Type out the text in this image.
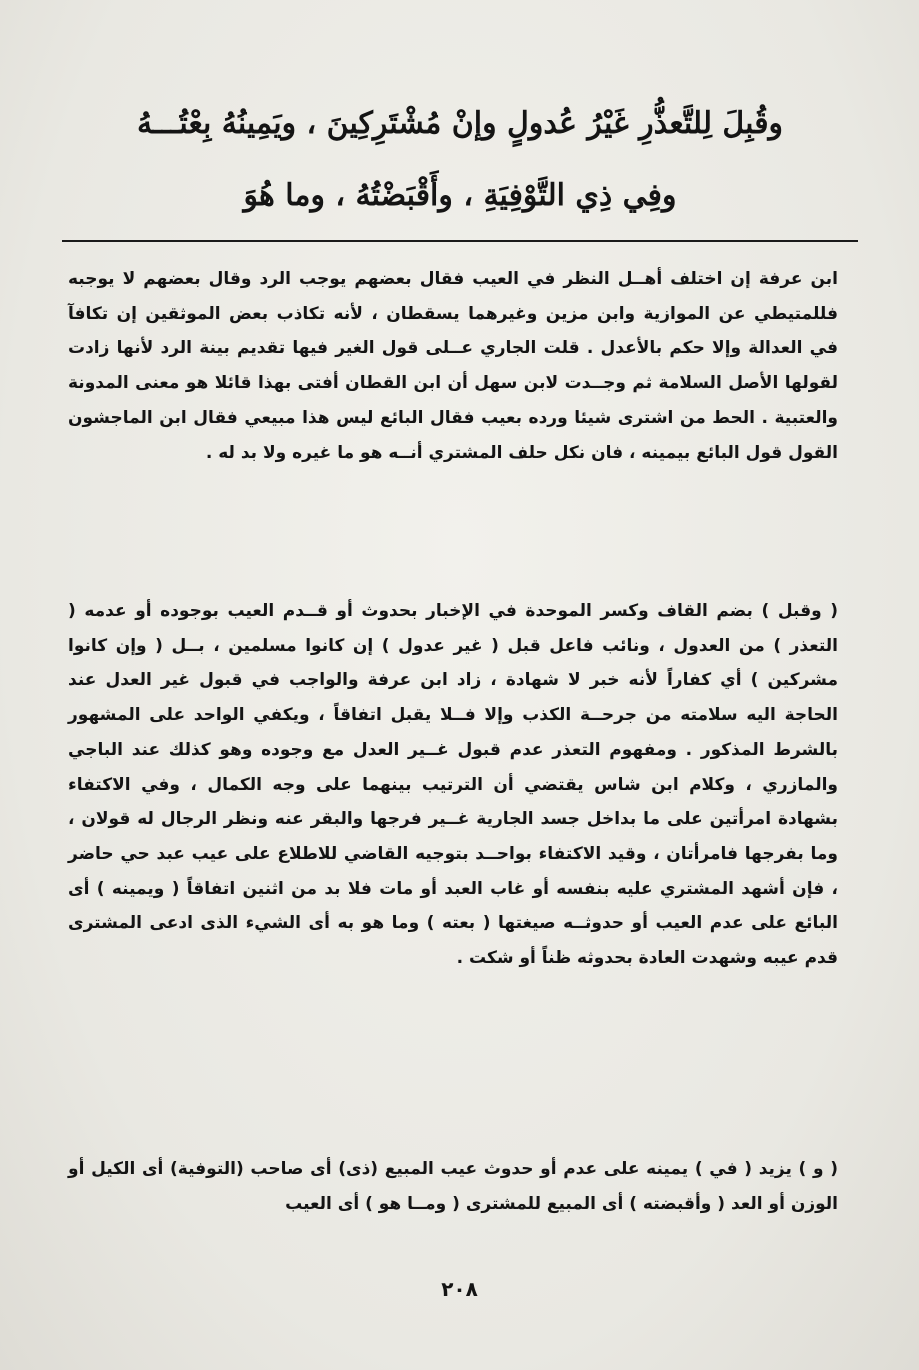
وقُبِلَ لِلتَّعذُّرِ غَيْرُ عُدولٍ وإنْ مُشْتَرِكِينَ ، ويَمِينُهُ بِعْتُـــهُ
وفِي ذِي التَّوْفِيَةِ ، وأَقْبَضْتُهُ ، وما هُوَ
ابن عرفة إن اختلف أهــل النظر في العيب فقال بعضهم يوجب الرد وقال بعضهم لا يوجبه فللمتيطي عن الموازية وابن مزين وغيرهما يسقطان ، لأنه تكاذب بعض الموثقين إن تكافآ في العدالة وإلا حكم بالأعدل . قلت الجاري عــلى قول الغير فيها تقديم بينة الرد لأنها زادت لقولها الأصل السلامة ثم وجــدت لابن سهل أن ابن القطان أفتى بهذا قائلا هو معنى المدونة والعتبية . الحط من اشترى شيئا ورده بعيب فقال البائع ليس هذا مبيعي فقال ابن الماجشون القول قول البائع بيمينه ، فان نكل حلف المشتري أنــه هو ما غيره ولا بد له .
( وقبل ) بضم القاف وكسر الموحدة في الإخبار بحدوث أو قــدم العيب بوجوده أو عدمه ( التعذر ) من العدول ، ونائب فاعل قبل ( غير عدول ) إن كانوا مسلمين ، بــل ( وإن كانوا مشركين ) أي كفاراً لأنه خبر لا شهادة ، زاد ابن عرفة والواجب في قبول غير العدل عند الحاجة اليه سلامته من جرحــة الكذب وإلا فــلا يقبل اتفاقاً ، ويكفي الواحد على المشهور بالشرط المذكور . ومفهوم التعذر عدم قبول غــير العدل مع وجوده وهو كذلك عند الباجي والمازري ، وكلام ابن شاس يقتضي أن الترتيب بينهما على وجه الكمال ، وفي الاكتفاء بشهادة امرأتين على ما بداخل جسد الجارية غــير فرجها والبقر عنه ونظر الرجال له قولان ، وما بفرجها فامرأتان ، وقيد الاكتفاء بواحــد بتوجيه القاضي للاطلاع على عيب عبد حي حاضر ، فإن أشهد المشتري عليه بنفسه أو غاب العبد أو مات فلا بد من اثنين اتفاقاً ( ويمينه ) أى البائع على عدم العيب أو حدوثــه صيغتها ( بعته ) وما هو به أى الشيء الذى ادعى المشترى قدم عيبه وشهدت العادة بحدوثه ظناً أو شكت .
( و ) يزيد ( في ) يمينه على عدم أو حدوث عيب المبيع (ذى) أى صاحب (التوفية) أى الكيل أو الوزن أو العد ( وأقبضته ) أى المبيع للمشترى ( ومــا هو ) أى العيب
٢٠٨
